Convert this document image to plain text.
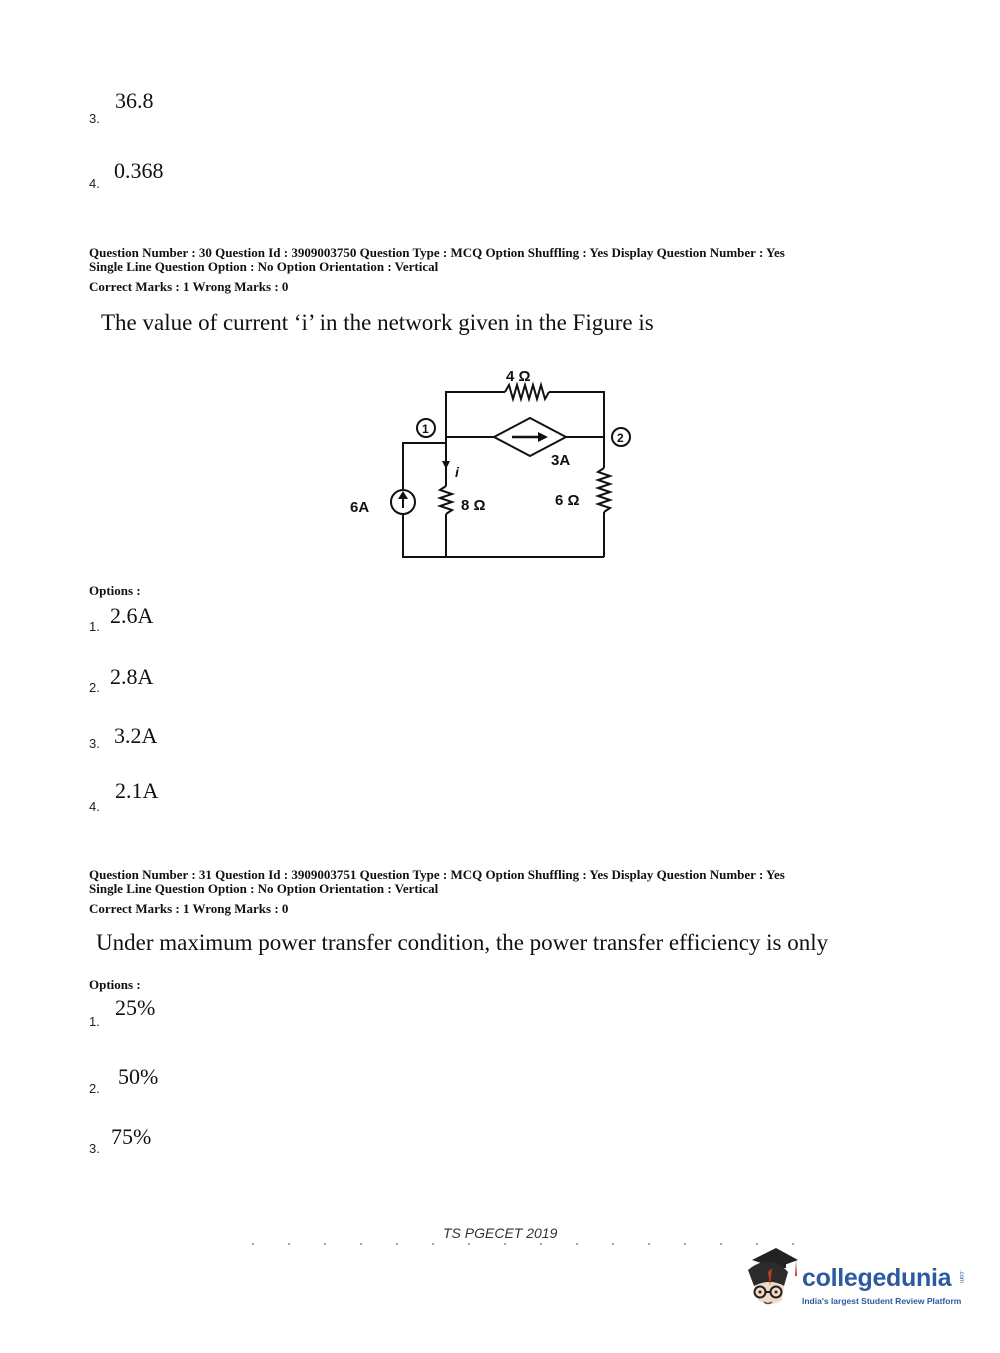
36.8
3.
0.368
4.
Question Number : 30 Question Id : 3909003750 Question Type : MCQ Option Shuffling : Yes Display Question Number : Yes
Single Line Question Option : No Option Orientation : Vertical
Correct Marks : 1 Wrong Marks : 0
The value of current ‘i’ in the network given in the Figure is
4 Ω
1
2
3A
i
6A	8 Ω	6 Ω
Options :
2.6A
1.
2.8A
2.
3.2A
3.
2.1A
4.
Question Number : 31 Question Id : 3909003751 Question Type : MCQ Option Shuffling : Yes Display Question Number : Yes
Single Line Question Option : No Option Orientation : Vertical
Correct Marks : 1 Wrong Marks : 0
Under maximum power transfer condition, the power transfer efficiency is only
Options :
25%
1.
50%
2.
75%
3.
TS PGECET 2019
collegedunia .com
India's largest Student Review Platform
